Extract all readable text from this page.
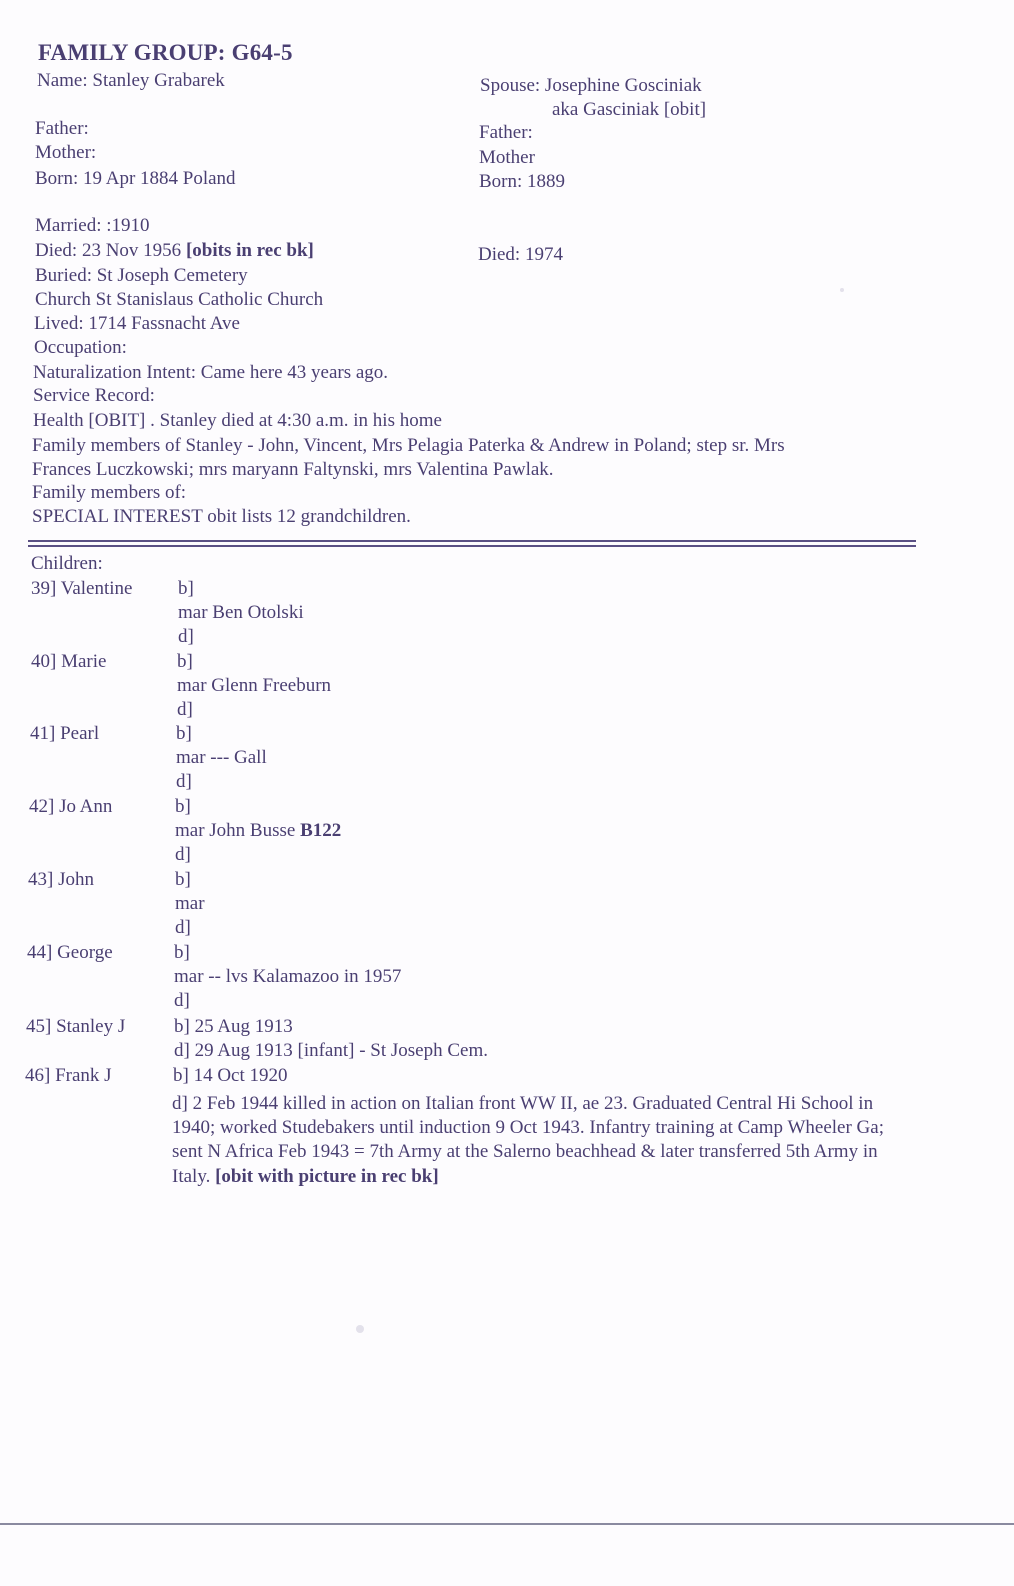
FAMILY GROUP: G64-5
Name: Stanley Grabarek
Father:
Mother:
Born: 19 Apr 1884 Poland
Married: :1910
Died: 23 Nov 1956 [obits in rec bk]
Buried: St Joseph Cemetery
Church St Stanislaus Catholic Church
Lived: 1714 Fassnacht Ave
Occupation:
Naturalization Intent: Came here 43 years ago.
Service Record:
Health [OBIT] . Stanley died at 4:30 a.m. in his home
Family members of Stanley - John, Vincent, Mrs Pelagia Paterka & Andrew in Poland; step sr. Mrs
Frances Luczkowski; mrs maryann Faltynski, mrs Valentina Pawlak.
Family members of:
SPECIAL INTEREST obit lists 12 grandchildren.
Spouse: Josephine Gosciniak
aka Gasciniak [obit]
Father:
Mother
Born: 1889
Died: 1974
Children:
39] Valentine b]
mar Ben Otolski
d]
40] Marie	b]
mar Glenn Freeburn
d]
41] Pearl	b]
mar --- Gall
d]
42] Jo Ann	b]
mar John Busse B122
d]
43] John	b]
mar
d]
44] George	b]
mar -- lvs Kalamazoo in 1957
d]
45] Stanley J	b] 25 Aug 1913
d] 29 Aug 1913 [infant] - St Joseph Cem.
46] Frank J	b] 14 Oct 1920
d] 2 Feb 1944 killed in action on Italian front WW II, ae 23. Graduated Central Hi School in 1940; worked Studebakers until induction 9 Oct 1943. Infantry training at Camp Wheeler Ga; sent N Africa Feb 1943 = 7th Army at the Salerno beachhead & later transferred 5th Army in Italy. [obit with picture in rec bk]
